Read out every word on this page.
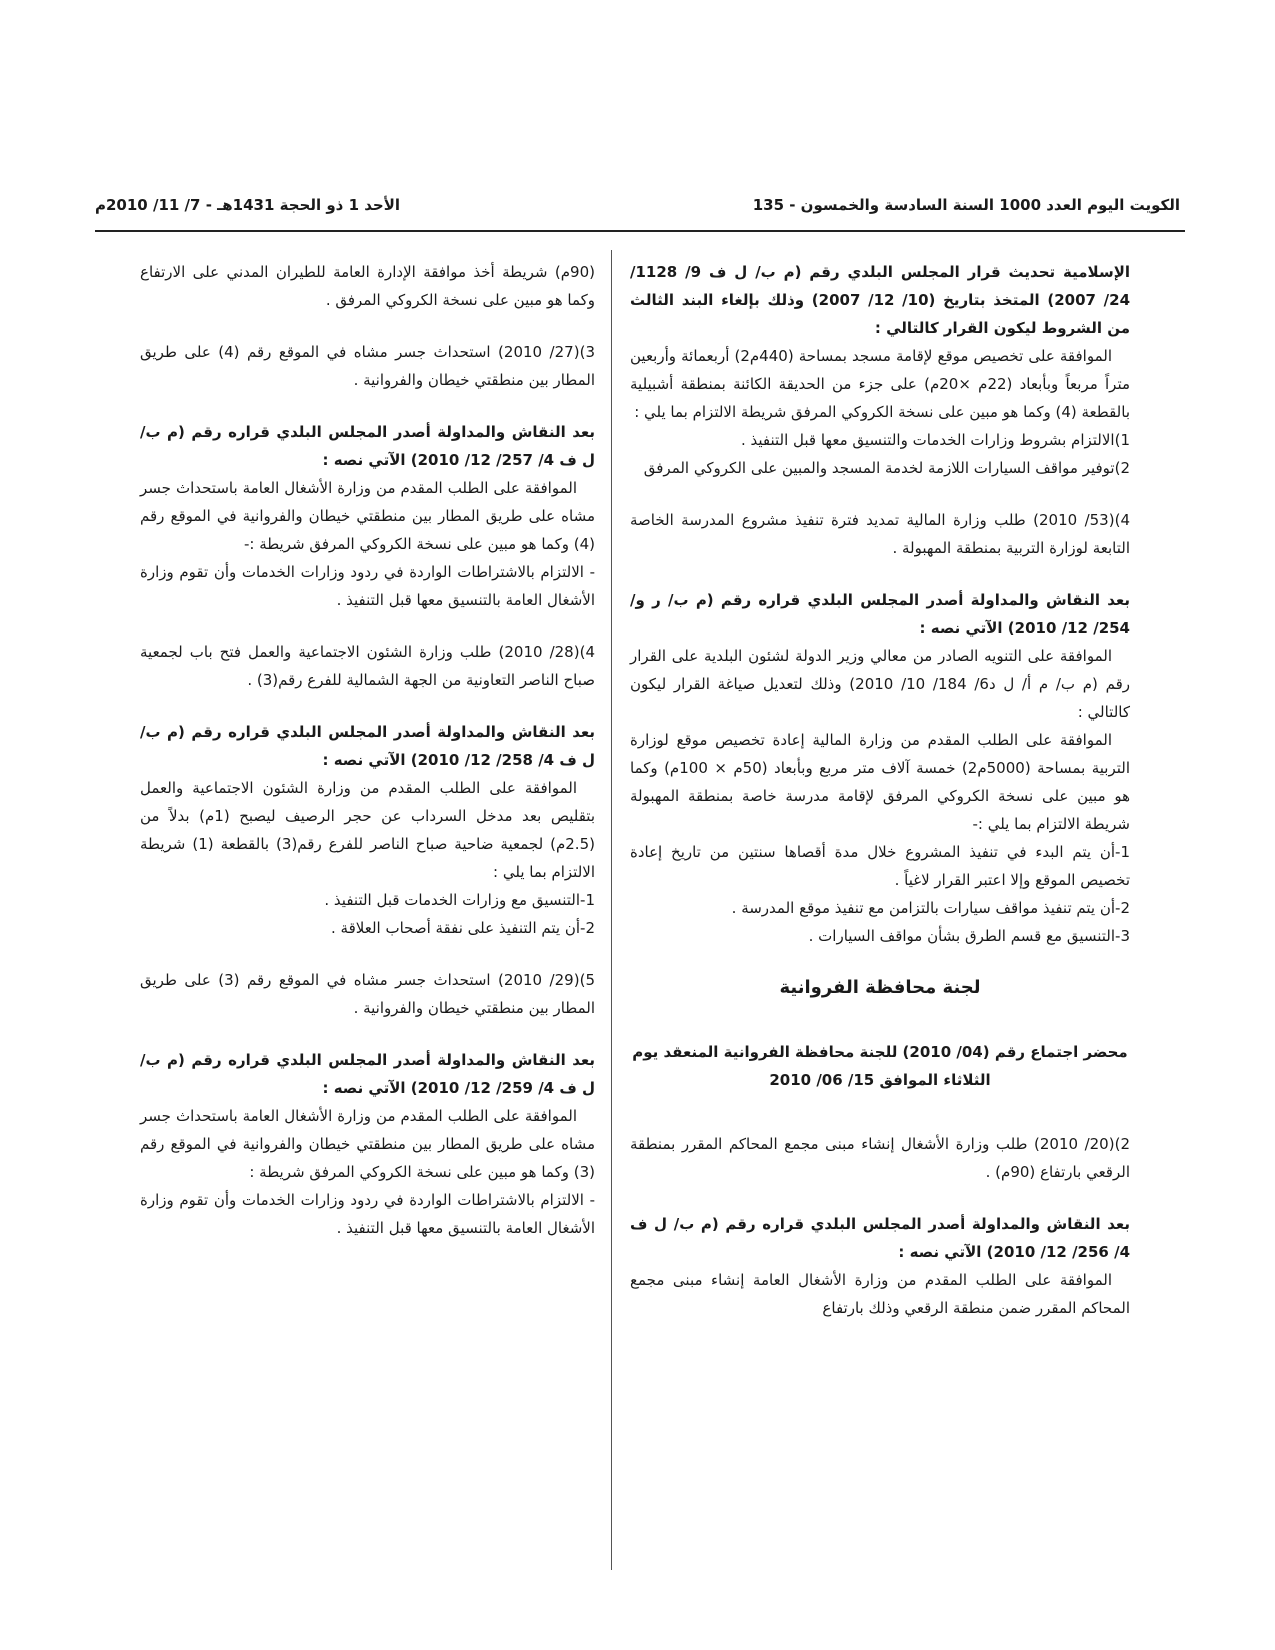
الكويت اليوم العدد 1000 السنة السادسة والخمسون - 135
الأحد 1 ذو الحجة 1431هـ - 7/ 11/ 2010م

الإسلامية تحديث قرار المجلس البلدي رقم (م ب/ ل ف 9/ 1128/ 24/ 2007) المتخذ بتاريخ (10/ 12/ 2007) وذلك بإلغاء البند الثالث من الشروط ليكون القرار كالتالي :

الموافقة على تخصيص موقع لإقامة مسجد بمساحة (440م2) أربعمائة وأربعين متراً مربعاً وبأبعاد (22م ×20م) على جزء من الحديقة الكائنة بمنطقة أشبيلية بالقطعة (4) وكما هو مبين على نسخة الكروكي المرفق شريطة الالتزام بما يلي :

1)الالتزام بشروط وزارات الخدمات والتنسيق معها قبل التنفيذ .

2)توفير مواقف السيارات اللازمة لخدمة المسجد والمبين على الكروكي المرفق

4)(53/ 2010) طلب وزارة المالية تمديد فترة تنفيذ مشروع المدرسة الخاصة التابعة لوزارة التربية بمنطقة المهبولة .

بعد النقاش والمداولة أصدر المجلس البلدي قراره رقم (م ب/ ر و/ 254/ 12/ 2010) الآتي نصه :

الموافقة على التنويه الصادر من معالي وزير الدولة لشئون البلدية على القرار رقم (م ب/ م أ/ ل د6/ 184/ 10/ 2010) وذلك لتعديل صياغة القرار ليكون كالتالي :

الموافقة على الطلب المقدم من وزارة المالية إعادة تخصيص موقع لوزارة التربية بمساحة (5000م2) خمسة آلاف متر مربع وبأبعاد (50م × 100م) وكما هو مبين على نسخة الكروكي المرفق لإقامة مدرسة خاصة بمنطقة المهبولة شريطة الالتزام بما يلي :-

1-أن يتم البدء في تنفيذ المشروع خلال مدة أقصاها سنتين من تاريخ إعادة تخصيص الموقع وإلا اعتبر القرار لاغياً .

2-أن يتم تنفيذ مواقف سيارات بالتزامن مع تنفيذ موقع المدرسة .

3-التنسيق مع قسم الطرق بشأن مواقف السيارات .

لجنة محافظة الفروانية

محضر اجتماع رقم (04/ 2010) للجنة محافظة الفروانية المنعقد يوم الثلاثاء الموافق 15/ 06/ 2010

2)(20/ 2010) طلب وزارة الأشغال إنشاء مبنى مجمع المحاكم المقرر بمنطقة الرقعي بارتفاع (90م) .

بعد النقاش والمداولة أصدر المجلس البلدي قراره رقم (م ب/ ل ف 4/ 256/ 12/ 2010) الآتي نصه :

الموافقة على الطلب المقدم من وزارة الأشغال العامة إنشاء مبنى مجمع المحاكم المقرر ضمن منطقة الرقعي وذلك بارتفاع

(90م) شريطة أخذ موافقة الإدارة العامة للطيران المدني على الارتفاع وكما هو مبين على نسخة الكروكي المرفق .

3)(27/ 2010) استحداث جسر مشاه في الموقع رقم (4) على طريق المطار بين منطقتي خيطان والفروانية .

بعد النقاش والمداولة أصدر المجلس البلدي قراره رقم (م ب/ ل ف 4/ 257/ 12/ 2010) الآتي نصه :

الموافقة على الطلب المقدم من وزارة الأشغال العامة باستحداث جسر مشاه على طريق المطار بين منطقتي خيطان والفروانية في الموقع رقم (4) وكما هو مبين على نسخة الكروكي المرفق شريطة :-

- الالتزام بالاشتراطات الواردة في ردود وزارات الخدمات وأن تقوم وزارة الأشغال العامة بالتنسيق معها قبل التنفيذ .

4)(28/ 2010) طلب وزارة الشئون الاجتماعية والعمل فتح باب لجمعية صباح الناصر التعاونية من الجهة الشمالية للفرع رقم(3) .

بعد النقاش والمداولة أصدر المجلس البلدي قراره رقم (م ب/ ل ف 4/ 258/ 12/ 2010) الآتي نصه :

الموافقة على الطلب المقدم من وزارة الشئون الاجتماعية والعمل بتقليص بعد مدخل السرداب عن حجر الرصيف ليصبح (1م) بدلاً من (2.5م) لجمعية ضاحية صباح الناصر للفرع رقم(3) بالقطعة (1) شريطة الالتزام بما يلي :

1-التنسيق مع وزارات الخدمات قبل التنفيذ .

2-أن يتم التنفيذ على نفقة أصحاب العلاقة .

5)(29/ 2010) استحداث جسر مشاه في الموقع رقم (3) على طريق المطار بين منطقتي خيطان والفروانية .

بعد النقاش والمداولة أصدر المجلس البلدي قراره رقم (م ب/ ل ف 4/ 259/ 12/ 2010) الآتي نصه :

الموافقة على الطلب المقدم من وزارة الأشغال العامة باستحداث جسر مشاه على طريق المطار بين منطقتي خيطان والفروانية في الموقع رقم (3) وكما هو مبين على نسخة الكروكي المرفق شريطة :

- الالتزام بالاشتراطات الواردة في ردود وزارات الخدمات وأن تقوم وزارة الأشغال العامة بالتنسيق معها قبل التنفيذ .
